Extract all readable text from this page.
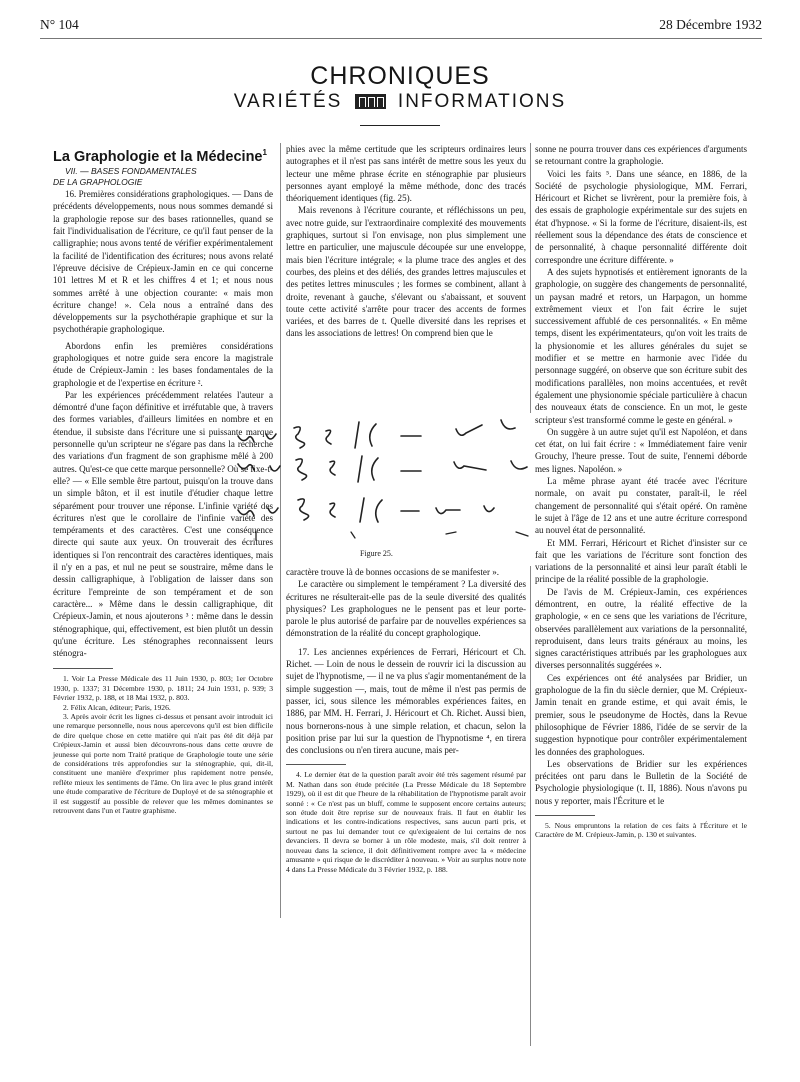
N° 104	28 Décembre 1932
CHRONIQUES
VARIÉTÉS	INFORMATIONS
La Graphologie et la Médecine$^1$

VII. — BASES FONDAMENTALES
DE LA GRAPHOLOGIE

16. Premières considérations graphologiques. — Dans de précédents développements, nous nous sommes demandé si la graphologie repose sur des bases rationnelles, quand se fait l'individualisation de l'écriture, ce qu'il faut penser de la calligraphie; nous avons tenté de vérifier expérimentalement la facilité de l'identification des écritures; nous avons relaté l'épreuve décisive de Crépieux-Jamin en ce qui concerne 101 lettres M et R et les chiffres 4 et 1; et nous nous sommes arrêté à une objection courante: « mais mon écriture change! ». Cela nous a entraîné dans des développements sur la psychothérapie graphique et sur la psychothérapie graphologique.

Abordons enfin les premières considérations graphologiques et notre guide sera encore la magistrale étude de Crépieux-Jamin : les bases fondamentales de la graphologie et de l'expertise en écriture ².

Par les expériences précédemment relatées l'auteur a démontré d'une façon définitive et irréfutable que, à travers des formes variables, d'ailleurs limitées en nombre et en étendue, il subsiste dans l'écriture une si puissante marque personnelle qu'un scripteur ne s'égare pas dans la recherche des variations d'un fragment de son graphisme mêlé à 200 autres. Qu'est-ce que cette marque personnelle? Où se fixe-t-elle? — « Elle semble être partout, puisqu'on la trouve dans un simple bâton, et il est inutile d'étudier chaque lettre séparément pour trouver une réponse. L'infinie variété des écritures n'est que le corollaire de l'infinie variété des tempéraments et des caractères. C'est une conséquence directe qui saute aux yeux. On trouverait des écritures identiques si l'on rencontrait des caractères identiques, mais il n'y en a pas, et nul ne peut se soustraire, même dans le dessin calligraphique, à l'obligation de laisser dans son écriture l'empreinte de son tempérament et de son caractère... » Même dans le dessin calligraphique, dit Crépieux-Jamin, et nous ajouterons ³ : même dans le dessin sténographique, qui, effectivement, est bien plutôt un dessin qu'une écriture. Les sténographes reconnaissent leurs sténogra-

1. Voir La Presse Médicale des 11 Juin 1930, p. 803; 1er Octobre 1930, p. 1337; 31 Décembre 1930, p. 1811; 24 Juin 1931, p. 939; 3 Février 1932, p. 188, et 18 Mai 1932, p. 803.

2. Félix Alcan, éditeur; Paris, 1926.

3. Après avoir écrit les lignes ci-dessus et pensant avoir introduit ici une remarque personnelle, nous nous apercevons qu'il est bien difficile de dire quelque chose en cette matière qui n'ait pas été dit déjà par Crépieux-Jamin et aussi bien découvrons-nous dans cette œuvre de jeunesse qui porte nom Traité pratique de Graphologie toute une série de considérations très approfondies sur la sténographie, qui, dit-il, constituent une manière d'exprimer plus rapidement notre pensée, reflète mieux les sentiments de l'âme. On lira avec le plus grand intérêt une étude comparative de l'écriture de Duployé et de sa sténographie et il est suggestif au possible de relever que les mêmes dominantes se retrouvent dans l'un et l'autre graphisme.

phies avec la même certitude que les scripteurs ordinaires leurs autographes et il n'est pas sans intérêt de mettre sous les yeux du lecteur une même phrase écrite en sténographie par plusieurs personnes ayant employé la même méthode, donc des tracés théoriquement identiques (fig. 25).

Mais revenons à l'écriture courante, et réfléchissons un peu, avec notre guide, sur l'extraordinaire complexité des mouvements graphiques, surtout si l'on envisage, non plus simplement une lettre en particulier, une majuscule découpée sur une enveloppe, mais bien l'écriture intégrale; « la plume trace des angles et des courbes, des pleins et des déliés, des grandes lettres majuscules et des petites lettres minuscules ; les formes se combinent, allant à droite, revenant à gauche, s'élevant ou s'abaissant, et souvent toute cette activité s'arrête pour tracer des accents de formes variées, et des barres de t. Quelle diversité dans les reprises et dans les associations de lettres! On comprend bien que le

Figure 25.

caractère trouve là de bonnes occasions de se manifester ».

Le caractère ou simplement le tempérament ? La diversité des écritures ne résulterait-elle pas de la seule diversité des qualités physiques? Les graphologues ne le pensent pas et leur porte-parole le plus autorisé de parfaire par de nouvelles expériences sa démonstration de la réalité du concept graphologique.

17. Les anciennes expériences de Ferrari, Héricourt et Ch. Richet. — Loin de nous le dessein de rouvrir ici la discussion au sujet de l'hypnotisme, — il ne va plus s'agir momentanément de la simple suggestion —, mais, tout de même il n'est pas permis de passer, ici, sous silence les mémorables expériences faites, en 1886, par MM. H. Ferrari, J. Héricourt et Ch. Richet. Aussi bien, nous bornerons-nous à une simple relation, et chacun, selon la position prise par lui sur la question de l'hypnotisme ⁴, en tirera des conclusions ou n'en tirera aucune, mais per-

4. Le dernier état de la question paraît avoir été très sagement résumé par M. Nathan dans son étude précitée (La Presse Médicale du 18 Septembre 1929), où il est dit que l'heure de la réhabilitation de l'hypnotisme paraît avoir sonné : « Ce n'est pas un bluff, comme le supposent encore certains auteurs; son étude doit être reprise sur de nouveaux frais. Il faut en établir les indications et les contre-indications respectives, sans aucun parti pris, et surtout ne pas lui demander tout ce qu'exigeaient de lui certains de nos devanciers. Il devra se borner à un rôle modeste, mais, s'il doit rentrer à nouveau dans la science, il doit définitivement rompre avec la « médecine amusante » qui risque de le discréditer à nouveau. » Voir au surplus notre note 4 dans La Presse Médicale du 3 Février 1932, p. 188.

sonne ne pourra trouver dans ces expériences d'arguments se retournant contre la graphologie.

Voici les faits ⁵. Dans une séance, en 1886, de la Société de psychologie physiologique, MM. Ferrari, Héricourt et Richet se livrèrent, pour la première fois, à des essais de graphologie expérimentale sur des sujets en état d'hypnose. « Si la forme de l'écriture, disaient-ils, est réellement sous la dépendance des états de conscience et de personnalité, à chaque personnalité différente doit correspondre une écriture différente. »

A des sujets hypnotisés et entièrement ignorants de la graphologie, on suggère des changements de personnalité, un paysan madré et retors, un Harpagon, un homme extrêmement vieux et l'on fait écrire le sujet successivement affublé de ces personnalités. « En même temps, disent les expérimentateurs, qu'on voit les traits de la physionomie et les allures générales du sujet se modifier et se mettre en harmonie avec l'idée du personnage suggéré, on observe que son écriture subit des modifications parallèles, non moins accentuées, et revêt également une physionomie spéciale particulière à chacun des nouveaux états de conscience. En un mot, le geste scripteur s'est transformé comme le geste en général. »

On suggère à un autre sujet qu'il est Napoléon, et dans cet état, on lui fait écrire : « Immédiatement faire venir Grouchy, l'heure presse. Tout de suite, l'ennemi déborde mes lignes. Napoléon. »

La même phrase ayant été tracée avec l'écriture normale, on avait pu constater, paraît-il, le réel changement de personnalité qui s'était opéré. On ramène le sujet à l'âge de 12 ans et une autre écriture correspond au nouvel état de personnalité.

Et MM. Ferrari, Héricourt et Richet d'insister sur ce fait que les variations de l'écriture sont fonction des variations de la personnalité et ainsi leur paraît établi le principe de la réalité possible de la graphologie.

De l'avis de M. Crépieux-Jamin, ces expériences démontrent, en outre, la réalité effective de la graphologie, « en ce sens que les variations de l'écriture, observées parallèlement aux variations de la personnalité, reproduisent, dans leurs traits généraux au moins, les signes caractéristiques attribués par les graphologues aux diverses personnalités suggérées ».

Ces expériences ont été analysées par Bridier, un graphologue de la fin du siècle dernier, que M. Crépieux-Jamin tenait en grande estime, et qui avait émis, le premier, sous le pseudonyme de Hoctès, dans la Revue philosophique de Février 1886, l'idée de se servir de la suggestion hypnotique pour contrôler expérimentalement les données des graphologues.

Les observations de Bridier sur les expériences précitées ont paru dans le Bulletin de la Société de Psychologie physiologique (t. II, 1886). Nous n'avons pu nous y reporter, mais l'Écriture et le

5. Nous empruntons la relation de ces faits à l'Écriture et le Caractère de M. Crépieux-Jamin, p. 130 et suivantes.
